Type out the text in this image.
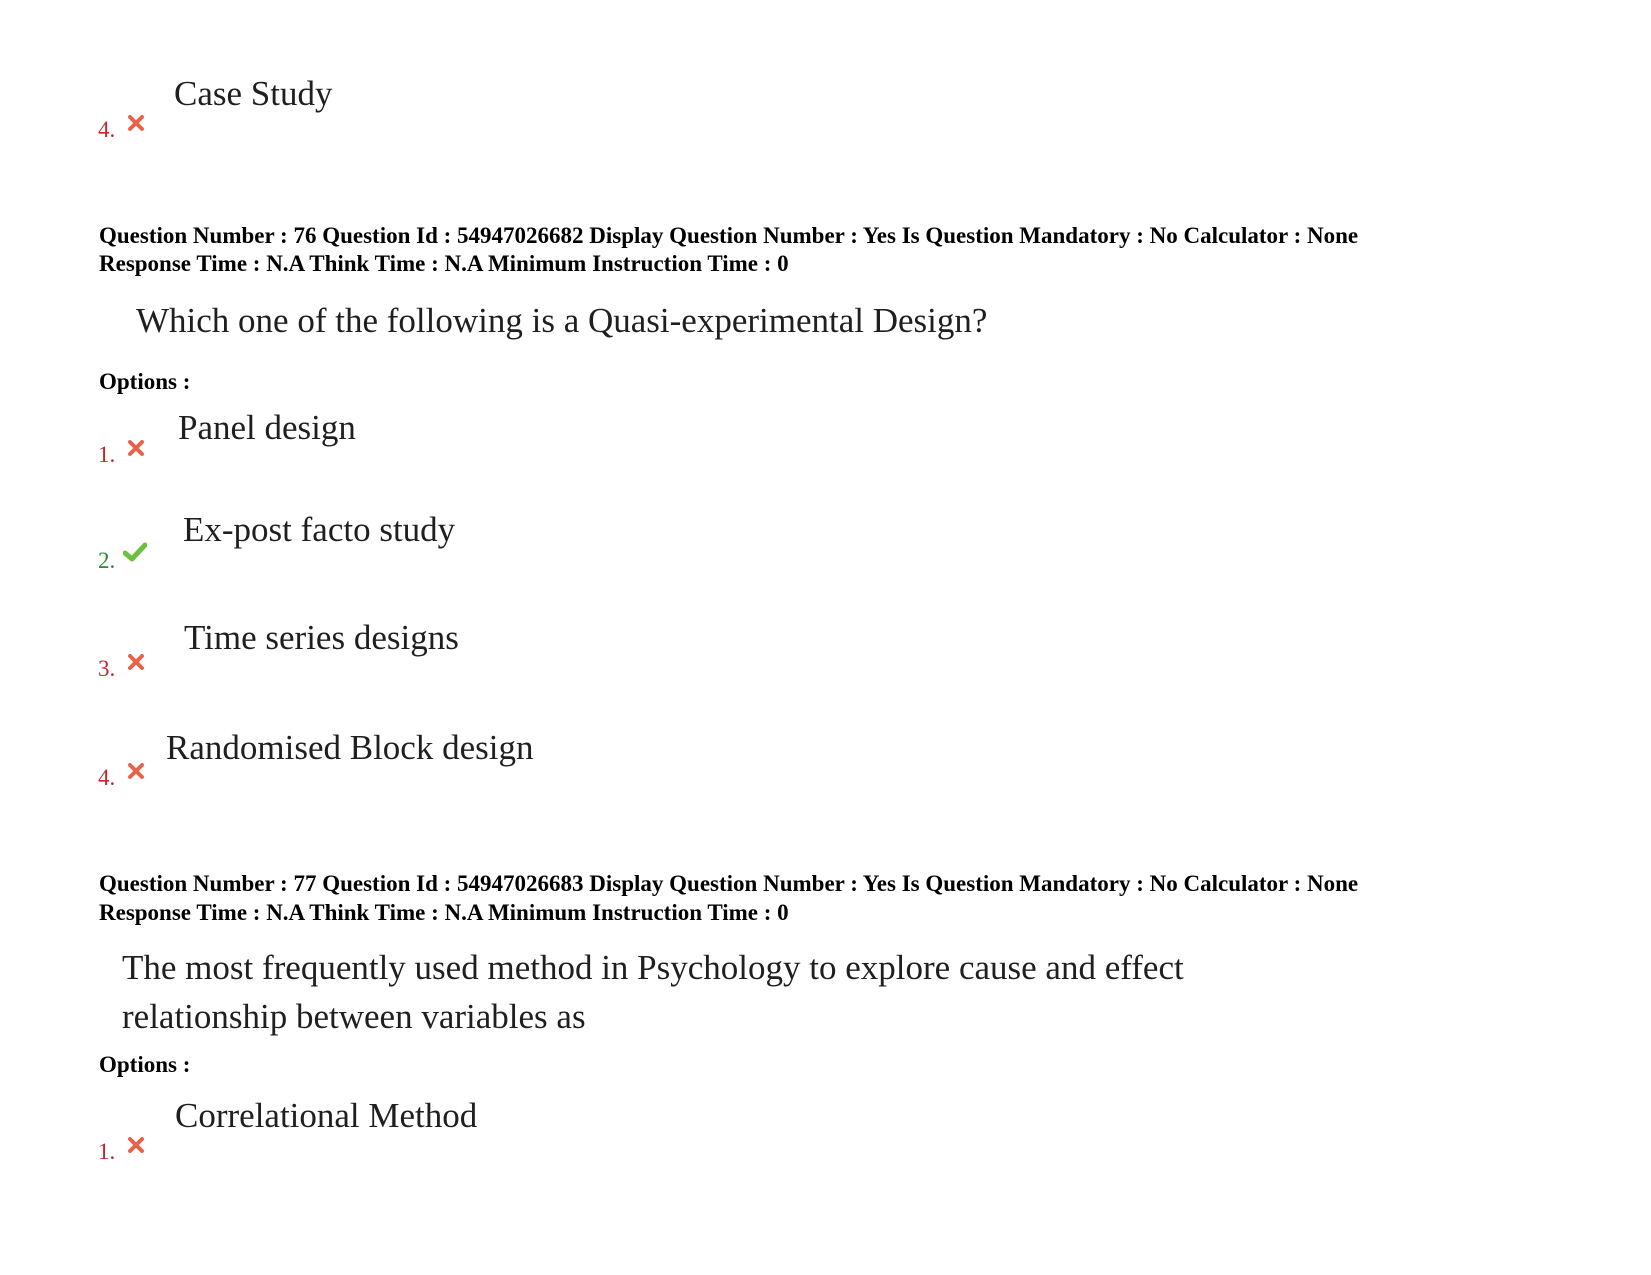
Case Study
4.
Question Number : 76 Question Id : 54947026682 Display Question Number : Yes Is Question Mandatory : No Calculator : None
Response Time : N.A Think Time : N.A Minimum Instruction Time : 0
Which one of the following is a Quasi-experimental Design?
Options :
Panel design
1.
Ex-post facto study
2.
Time series designs
3.
Randomised Block design
4.
Question Number : 77 Question Id : 54947026683 Display Question Number : Yes Is Question Mandatory : No Calculator : None
Response Time : N.A Think Time : N.A Minimum Instruction Time : 0
The most frequently used method in Psychology to explore cause and effect
relationship between variables as
Options :
Correlational Method
1.
